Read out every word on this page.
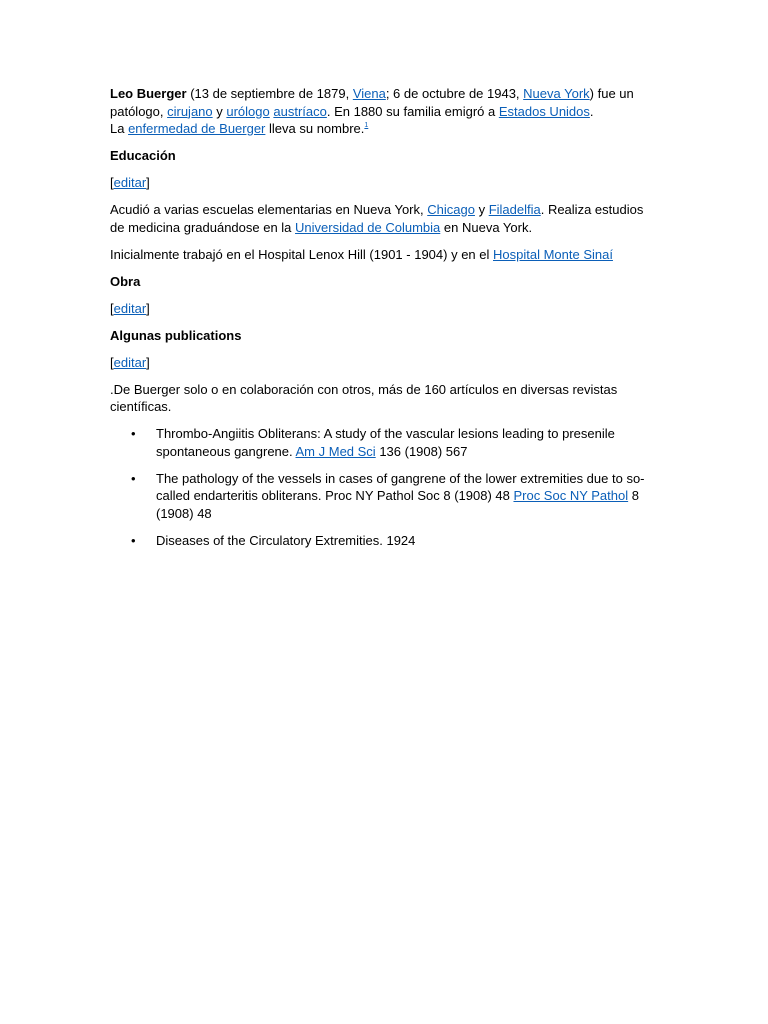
Leo Buerger (13 de septiembre de 1879, Viena; 6 de octubre de 1943, Nueva York) fue un patólogo, cirujano y urólogo austríaco. En 1880 su familia emigró a Estados Unidos.
La enfermedad de Buerger lleva su nombre.$^1$

Educación

[editar]

Acudió a varias escuelas elementarias en Nueva York, Chicago y Filadelfia. Realiza estudios de medicina graduándose en la Universidad de Columbia en Nueva York.

Inicialmente trabajó en el Hospital Lenox Hill (1901 - 1904) y en el Hospital Monte Sinaí

Obra

[editar]

Algunas publications

[editar]

.De Buerger solo o en colaboración con otros, más de 160 artículos en diversas revistas científicas.

• Thrombo-Angiitis Obliterans: A study of the vascular lesions leading to presenile spontaneous gangrene. Am J Med Sci 136 (1908) 567
• The pathology of the vessels in cases of gangrene of the lower extremities due to so-called endarteritis obliterans. Proc NY Pathol Soc 8 (1908) 48 Proc Soc NY Pathol 8 (1908) 48
• Diseases of the Circulatory Extremities. 1924
